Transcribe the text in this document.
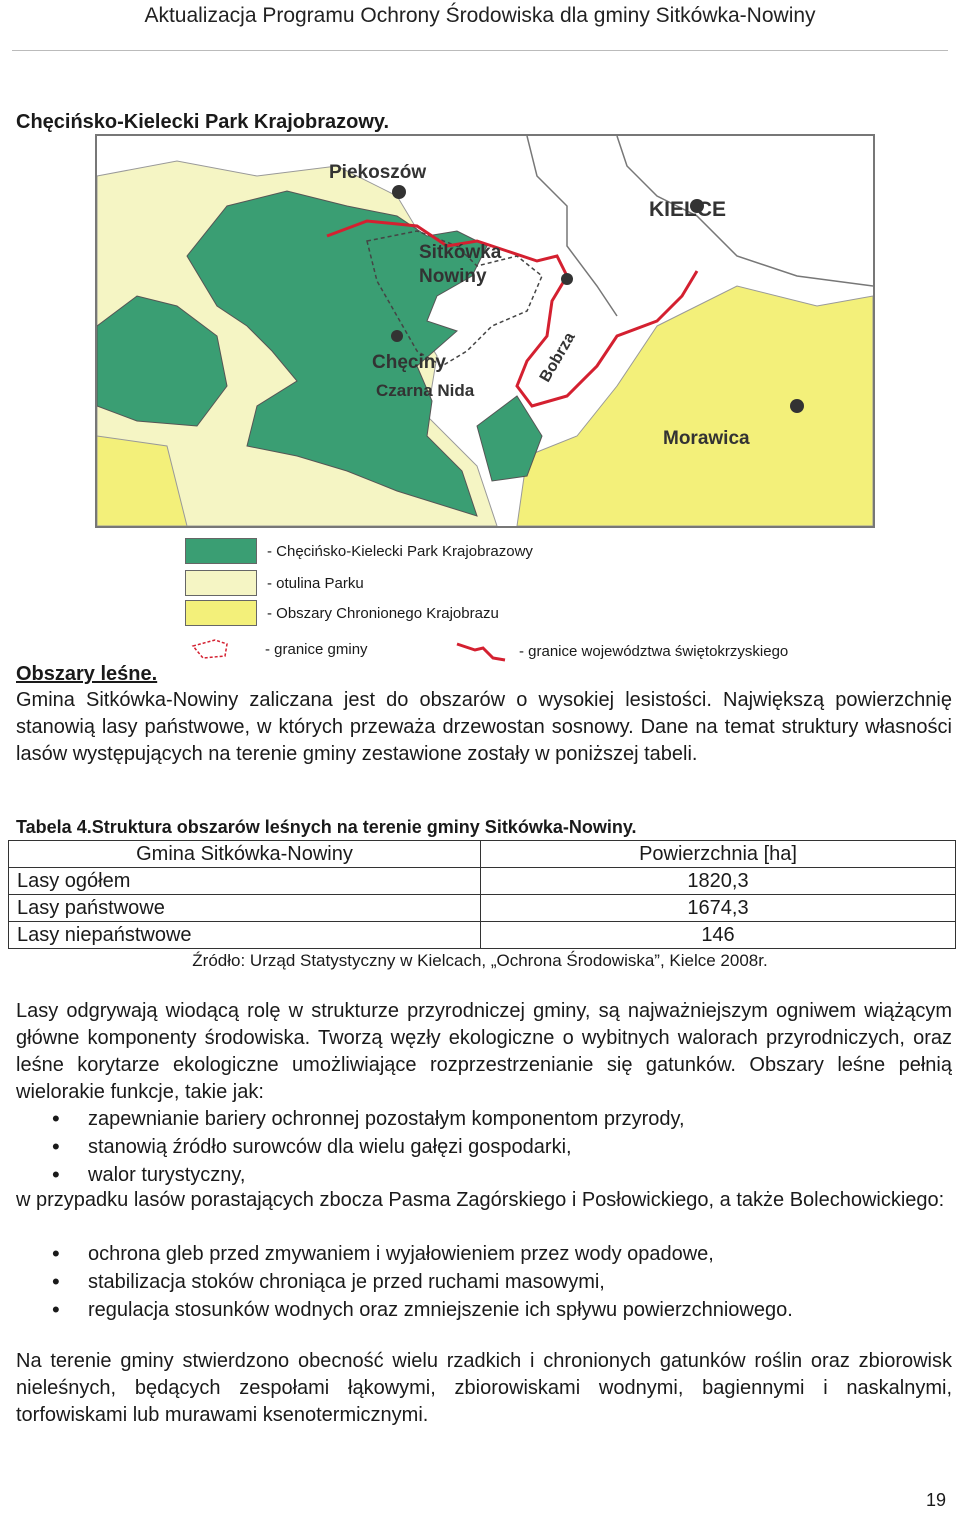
Aktualizacja Programu Ochrony Środowiska dla gminy Sitkówka-Nowiny
Chęcińsko-Kielecki Park Krajobrazowy.
Piekoszów
KIELCE
Sitkówka
Nowiny
Chęciny
Czarna Nida
Bobrza
Morawica
- Chęcińsko-Kielecki Park Krajobrazowy
- otulina Parku
- Obszary Chronionego Krajobrazu
- granice gminy	- granice województwa świętokrzyskiego
Obszary leśne.
Gmina Sitkówka-Nowiny zaliczana jest do obszarów o wysokiej lesistości. Największą powierzchnię stanowią lasy państwowe, w których przeważa drzewostan sosnowy. Dane na temat struktury własności lasów występujących na terenie gminy zestawione zostały w poniższej tabeli.
Tabela 4.Struktura obszarów leśnych na terenie gminy Sitkówka-Nowiny.
Gmina Sitkówka-Nowiny	Powierzchnia [ha]
Lasy ogółem	1820,3
Lasy państwowe	1674,3
Lasy niepaństwowe	146
Źródło: Urząd Statystyczny w Kielcach, „Ochrona Środowiska”, Kielce 2008r.
Lasy odgrywają wiodącą rolę w strukturze przyrodniczej gminy, są najważniejszym ogniwem wiążącym główne komponenty środowiska. Tworzą węzły ekologiczne o wybitnych walorach przyrodniczych, oraz leśne korytarze ekologiczne umożliwiające rozprzestrzenianie się gatunków. Obszary leśne pełnią wielorakie funkcje, takie jak:
• zapewnianie bariery ochronnej pozostałym komponentom przyrody,
• stanowią źródło surowców dla wielu gałęzi gospodarki,
• walor turystyczny,
w przypadku lasów porastających zbocza Pasma Zagórskiego i Posłowickiego, a także Bolechowickiego:
• ochrona gleb przed zmywaniem i wyjałowieniem przez wody opadowe,
• stabilizacja stoków chroniąca je przed ruchami masowymi,
• regulacja stosunków wodnych oraz zmniejszenie ich spływu powierzchniowego.
Na terenie gminy stwierdzono obecność wielu rzadkich i chronionych gatunków roślin oraz zbiorowisk nieleśnych, będących zespołami łąkowymi, zbiorowiskami wodnymi, bagiennymi i naskalnymi, torfowiskami lub murawami ksenotermicznymi.
19
